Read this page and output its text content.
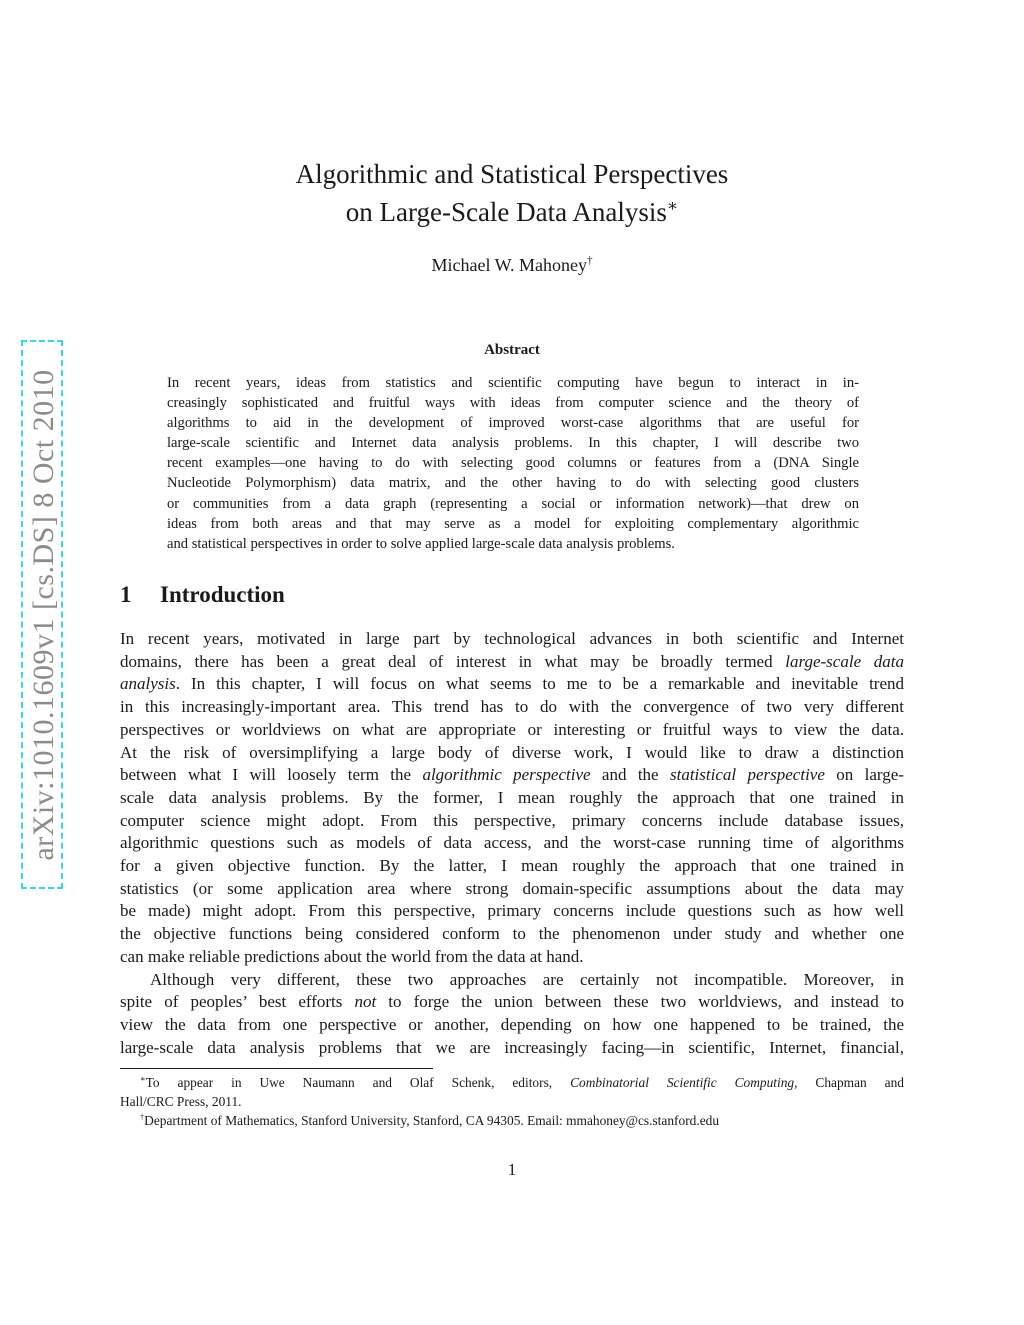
arXiv:1010.1609v1 [cs.DS] 8 Oct 2010
Algorithmic and Statistical Perspectives
on Large-Scale Data Analysis∗
Michael W. Mahoney†
Abstract
In recent years, ideas from statistics and scientific computing have begun to interact in in-
creasingly sophisticated and fruitful ways with ideas from computer science and the theory of
algorithms to aid in the development of improved worst-case algorithms that are useful for
large-scale scientific and Internet data analysis problems. In this chapter, I will describe two
recent examples—one having to do with selecting good columns or features from a (DNA Single
Nucleotide Polymorphism) data matrix, and the other having to do with selecting good clusters
or communities from a data graph (representing a social or information network)—that drew on
ideas from both areas and that may serve as a model for exploiting complementary algorithmic
and statistical perspectives in order to solve applied large-scale data analysis problems.
1 Introduction
In recent years, motivated in large part by technological advances in both scientific and Internet
domains, there has been a great deal of interest in what may be broadly termed large-scale data
analysis. In this chapter, I will focus on what seems to me to be a remarkable and inevitable trend
in this increasingly-important area. This trend has to do with the convergence of two very different
perspectives or worldviews on what are appropriate or interesting or fruitful ways to view the data.
At the risk of oversimplifying a large body of diverse work, I would like to draw a distinction
between what I will loosely term the algorithmic perspective and the statistical perspective on large-
scale data analysis problems. By the former, I mean roughly the approach that one trained in
computer science might adopt. From this perspective, primary concerns include database issues,
algorithmic questions such as models of data access, and the worst-case running time of algorithms
for a given objective function. By the latter, I mean roughly the approach that one trained in
statistics (or some application area where strong domain-specific assumptions about the data may
be made) might adopt. From this perspective, primary concerns include questions such as how well
the objective functions being considered conform to the phenomenon under study and whether one
can make reliable predictions about the world from the data at hand.
Although very different, these two approaches are certainly not incompatible. Moreover, in
spite of peoples’ best efforts not to forge the union between these two worldviews, and instead to
view the data from one perspective or another, depending on how one happened to be trained, the
large-scale data analysis problems that we are increasingly facing—in scientific, Internet, financial,
∗To appear in Uwe Naumann and Olaf Schenk, editors, Combinatorial Scientific Computing, Chapman and
Hall/CRC Press, 2011.
†Department of Mathematics, Stanford University, Stanford, CA 94305. Email: mmahoney@cs.stanford.edu
1
